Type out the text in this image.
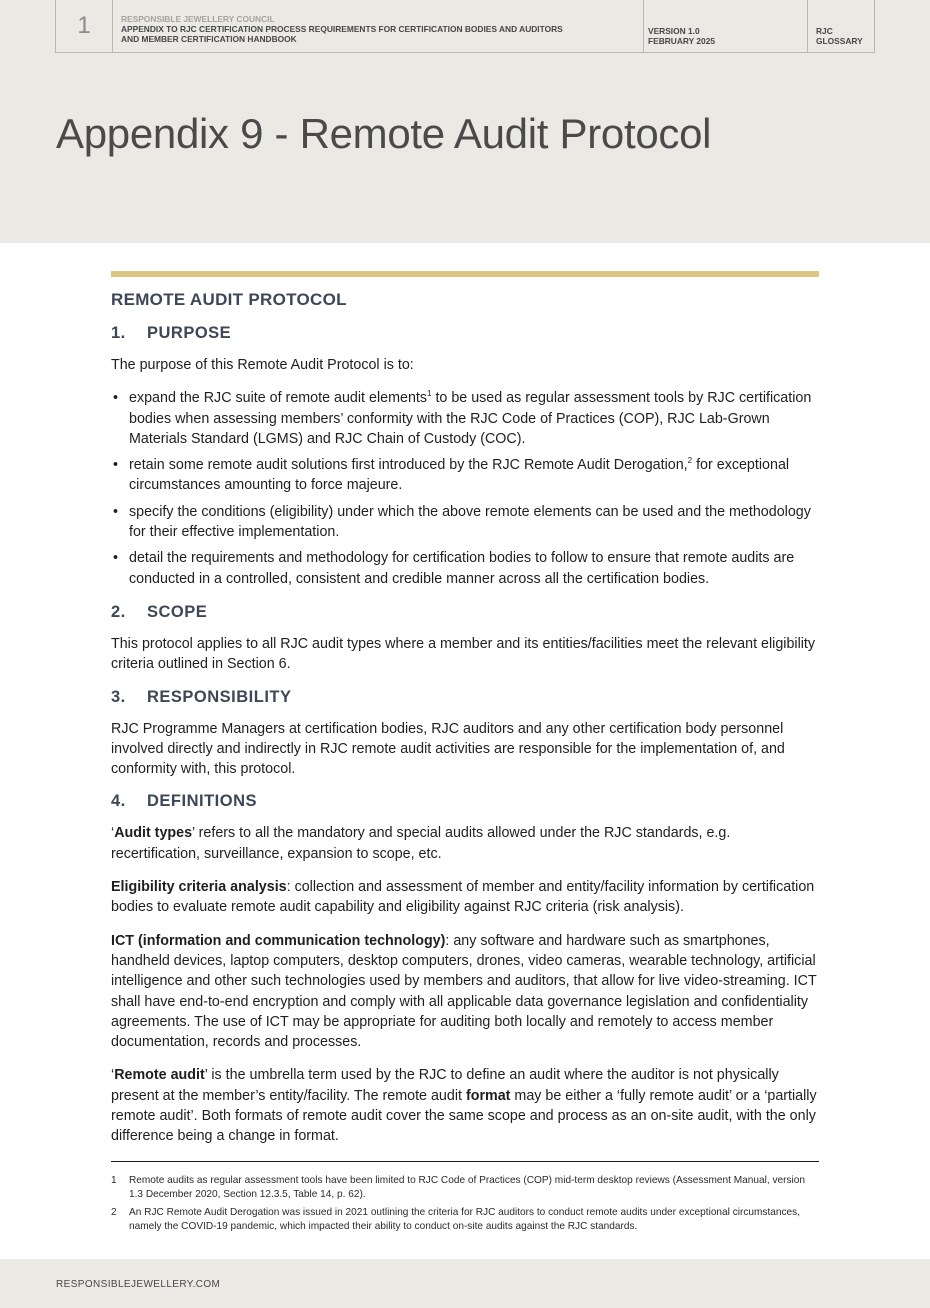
1	RESPONSIBLE JEWELLERY COUNCIL
APPENDIX TO RJC CERTIFICATION PROCESS REQUIREMENTS FOR CERTIFICATION BODIES AND AUDITORS
AND MEMBER CERTIFICATION HANDBOOK
VERSION 1.0
FEBRUARY 2025
RJC
GLOSSARY
Appendix 9 - Remote Audit Protocol
REMOTE AUDIT PROTOCOL
1. PURPOSE

The purpose of this Remote Audit Protocol is to:

• expand the RJC suite of remote audit elements$^1$ to be used as regular assessment tools by RJC certification bodies when assessing members’ conformity with the RJC Code of Practices (COP), RJC Lab-Grown Materials Standard (LGMS) and RJC Chain of Custody (COC).
• retain some remote audit solutions first introduced by the RJC Remote Audit Derogation,$^2$ for exceptional circumstances amounting to force majeure.
• specify the conditions (eligibility) under which the above remote elements can be used and the methodology for their effective implementation.
• detail the requirements and methodology for certification bodies to follow to ensure that remote audits are conducted in a controlled, consistent and credible manner across all the certification bodies.
2. SCOPE

This protocol applies to all RJC audit types where a member and its entities/facilities meet the relevant eligibility criteria outlined in Section 6.

3. RESPONSIBILITY

RJC Programme Managers at certification bodies, RJC auditors and any other certification body personnel involved directly and indirectly in RJC remote audit activities are responsible for the implementation of, and conformity with, this protocol.

4. DEFINITIONS

‘Audit types’ refers to all the mandatory and special audits allowed under the RJC standards, e.g. recertification, surveillance, expansion to scope, etc.

Eligibility criteria analysis: collection and assessment of member and entity/facility information by certification bodies to evaluate remote audit capability and eligibility against RJC criteria (risk analysis).

ICT (information and communication technology): any software and hardware such as smartphones, handheld devices, laptop computers, desktop computers, drones, video cameras, wearable technology, artificial intelligence and other such technologies used by members and auditors, that allow for live video-streaming. ICT shall have end-to-end encryption and comply with all applicable data governance legislation and confidentiality agreements. The use of ICT may be appropriate for auditing both locally and remotely to access member documentation, records and processes.

‘Remote audit’ is the umbrella term used by the RJC to define an audit where the auditor is not physically present at the member’s entity/facility. The remote audit format may be either a ‘fully remote audit’ or a ‘partially remote audit’. Both formats of remote audit cover the same scope and process as an on-site audit, with the only difference being a change in format.

1	Remote audits as regular assessment tools have been limited to RJC Code of Practices (COP) mid-term desktop reviews (Assessment Manual, version 1.3 December 2020, Section 12.3.5, Table 14, p. 62).
2	An RJC Remote Audit Derogation was issued in 2021 outlining the criteria for RJC auditors to conduct remote audits under exceptional circumstances, namely the COVID-19 pandemic, which impacted their ability to conduct on-site audits against the RJC standards.
RESPONSIBLEJEWELLERY.COM
